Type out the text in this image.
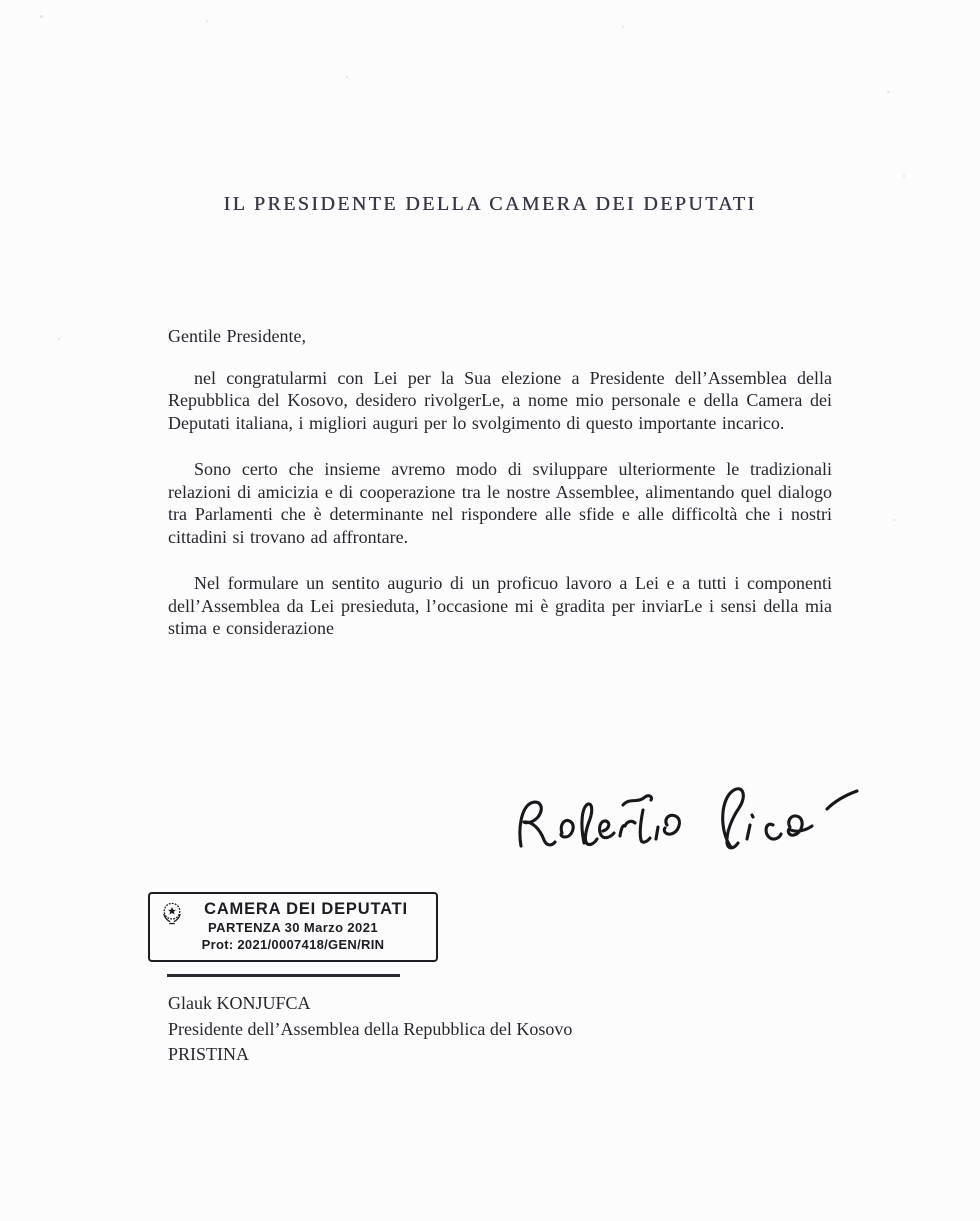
IL PRESIDENTE DELLA CAMERA DEI DEPUTATI

Gentile Presidente,

nel congratularmi con Lei per la Sua elezione a Presidente dell’Assemblea della Repubblica del Kosovo, desidero rivolgerLe, a nome mio personale e della Camera dei Deputati italiana, i migliori auguri per lo svolgimento di questo importante incarico.

Sono certo che insieme avremo modo di sviluppare ulteriormente le tradizionali relazioni di amicizia e di cooperazione tra le nostre Assemblee, alimentando quel dialogo tra Parlamenti che è determinante nel rispondere alle sfide e alle difficoltà che i nostri cittadini si trovano ad affrontare.

Nel formulare un sentito augurio di un proficuo lavoro a Lei e a tutti i componenti dell’Assemblea da Lei presieduta, l’occasione mi è gradita per inviarLe i sensi della mia stima e considerazione

CAMERA DEI DEPUTATI
PARTENZA 30 Marzo 2021
Prot: 2021/0007418/GEN/RIN
Glauk KONJUFCA
Presidente dell’Assemblea della Repubblica del Kosovo
PRISTINA
